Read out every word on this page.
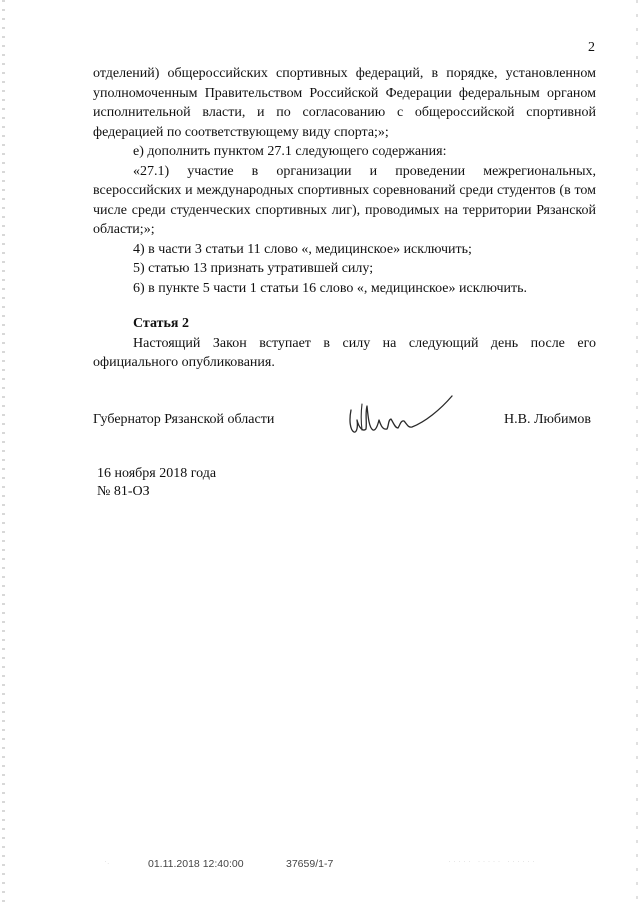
2

отделений) общероссийских спортивных федераций, в порядке, установленном уполномоченным Правительством Российской Федерации федеральным органом исполнительной власти, и по согласованию с общероссийской спортивной федерацией по соответствующему виду спорта;»;

е) дополнить пунктом 27.1 следующего содержания:

«27.1) участие в организации и проведении межрегиональных, всероссийских и международных спортивных соревнований среди студентов (в том числе среди студенческих спортивных лиг), проводимых на территории Рязанской области;»;

4) в части 3 статьи 11 слово «, медицинское» исключить;

5) статью 13 признать утратившей силу;

6) в пункте 5 части 1 статьи 16 слово «, медицинское» исключить.

Статья 2

Настоящий Закон вступает в силу на следующий день после его официального опубликования.

Губернатор Рязанской области	Н.В. Любимов
16 ноября 2018 года
№ 81-ОЗ
·.	····· ····· ······
01.11.2018 12:40:00	37659/1-7
